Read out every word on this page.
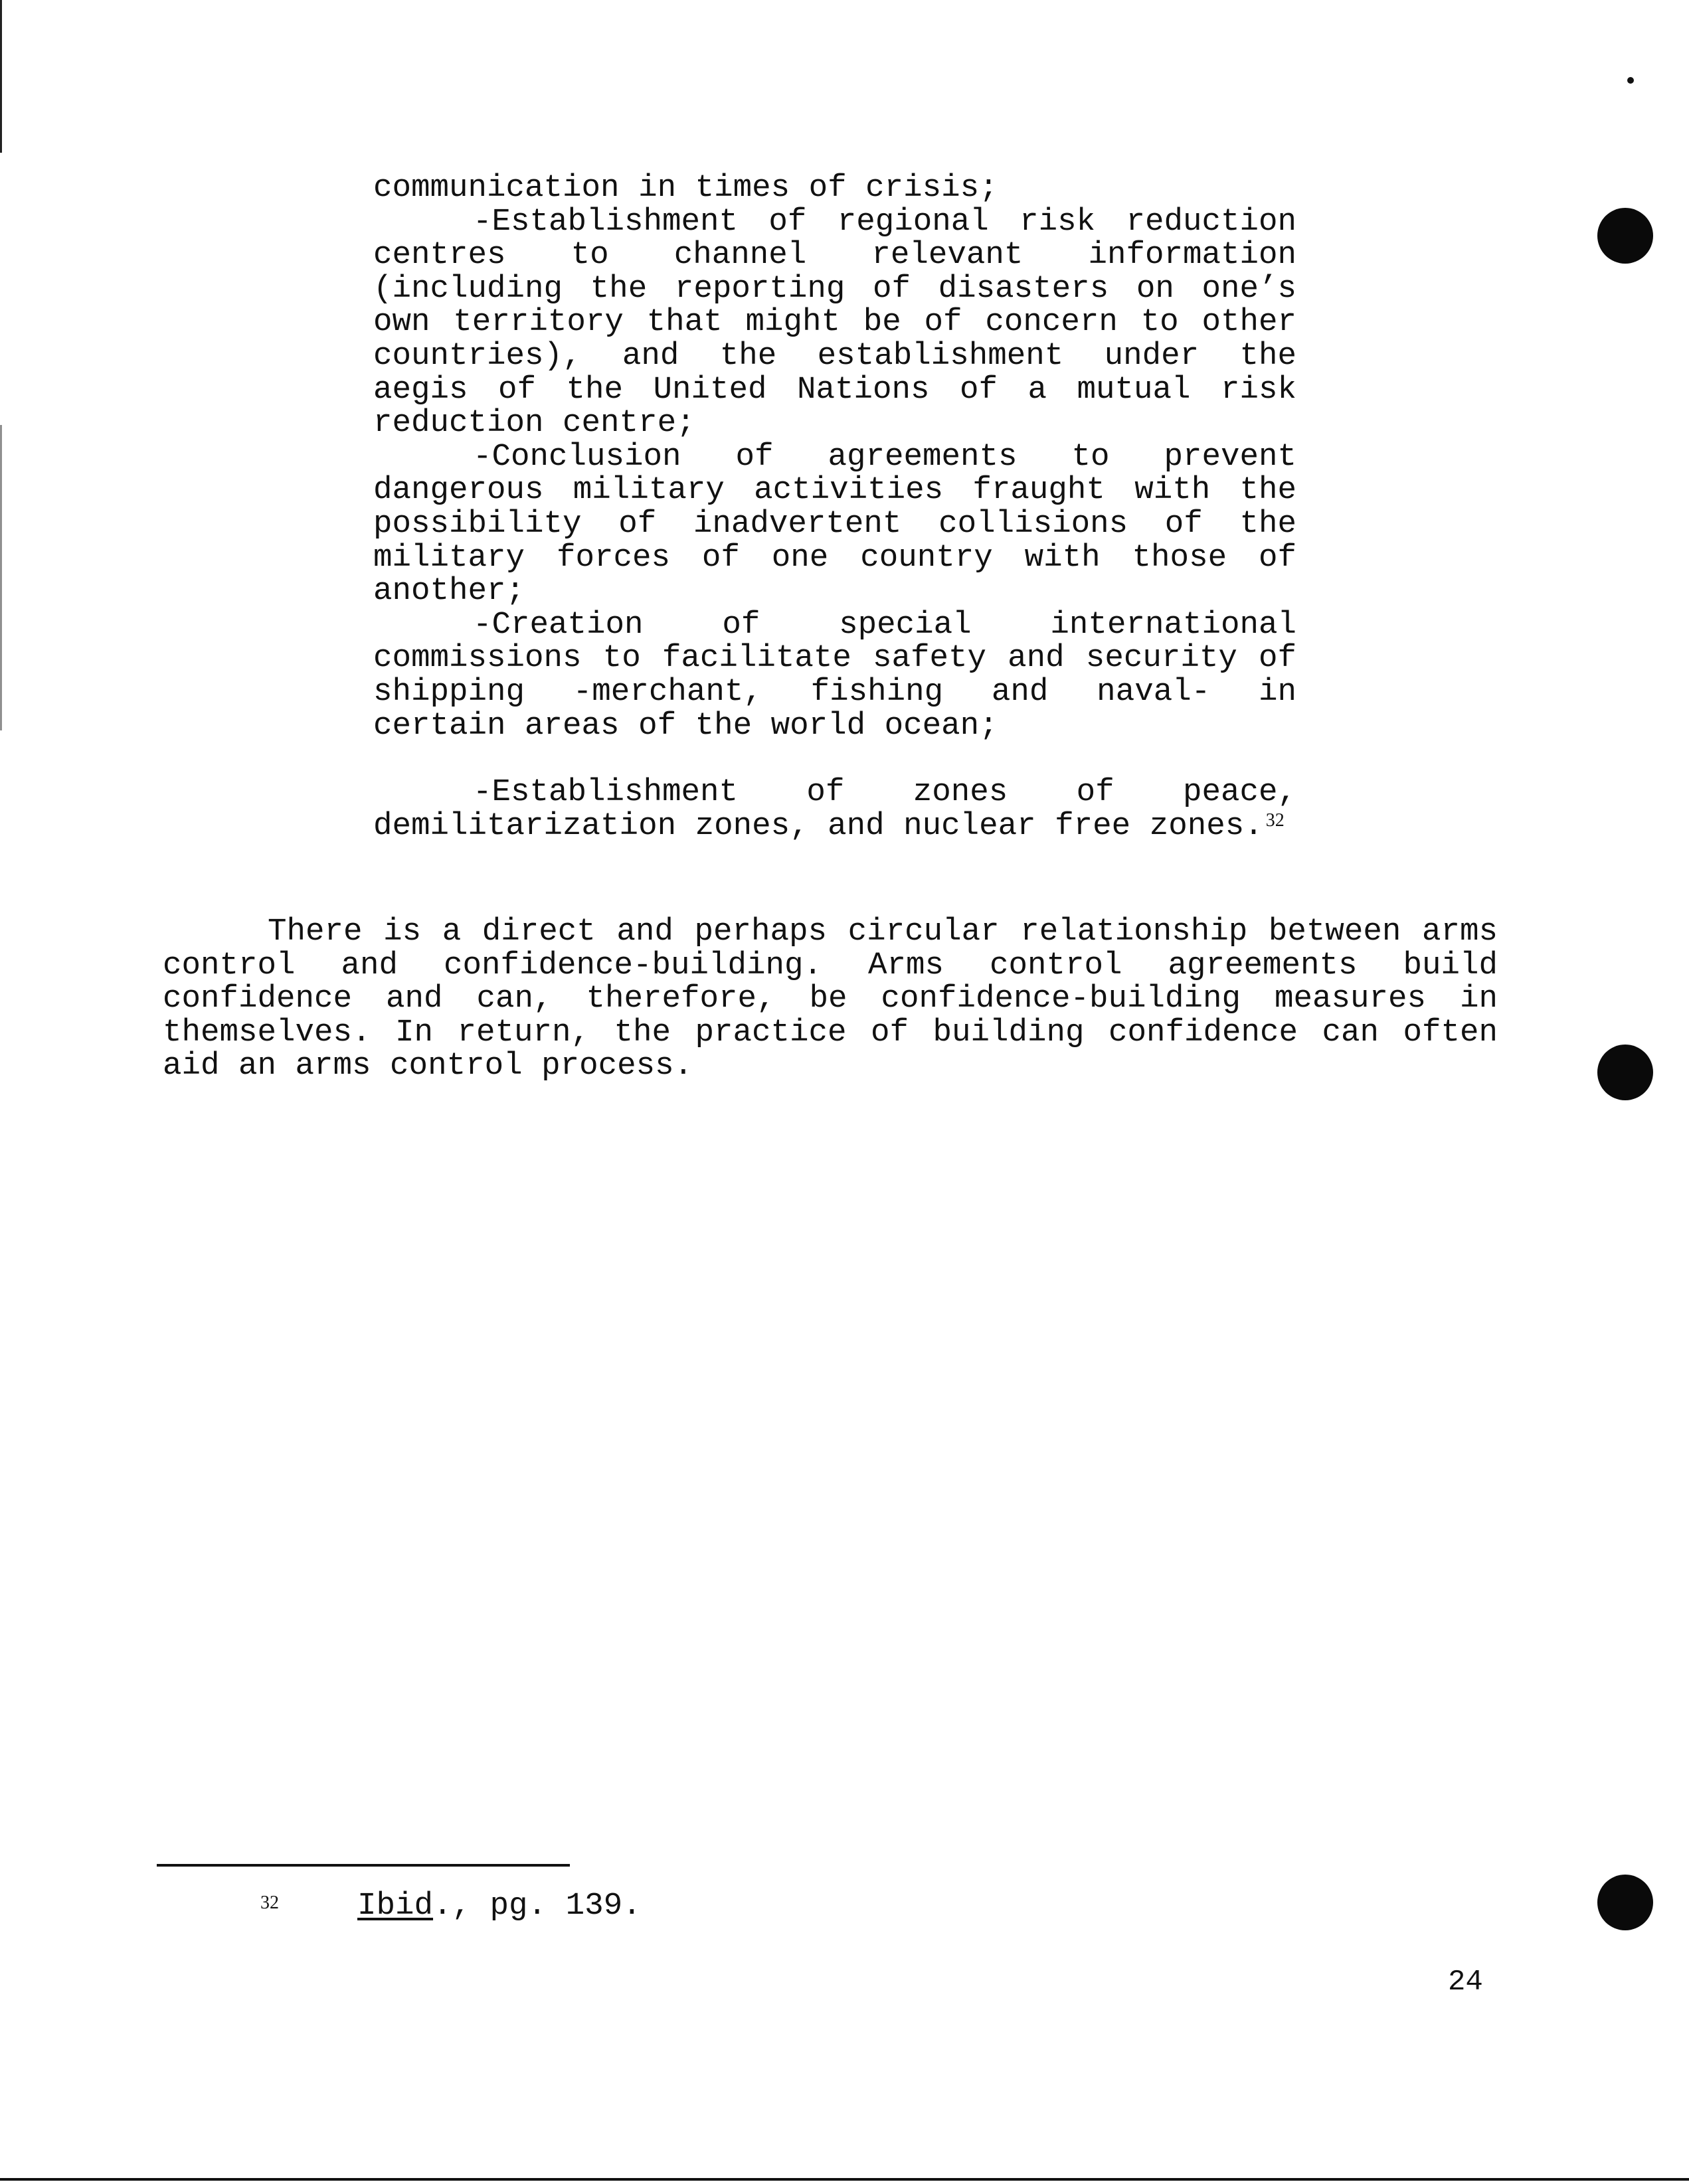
communication in times of crisis;

-Establishment of regional risk reduction centres to channel relevant information (including the reporting of disasters on one’s own territory that might be of concern to other countries), and the establishment under the aegis of the United Nations of a mutual risk reduction centre;

-Conclusion of agreements to prevent dangerous military activities fraught with the possibility of inadvertent collisions of the military forces of one country with those of another;

-Creation of special international commissions to facilitate safety and security of shipping -merchant, fishing and naval- in certain areas of the world ocean;

-Establishment of zones of peace, demilitarization zones, and nuclear free zones. $^{32}$

There is a direct and perhaps circular relationship between arms control and confidence-building. Arms control agreements build confidence and can, therefore, be confidence-building measures in themselves. In return, the practice of building confidence can often aid an arms control process.

$^{32}$ Ibid., pg. 139.
24
